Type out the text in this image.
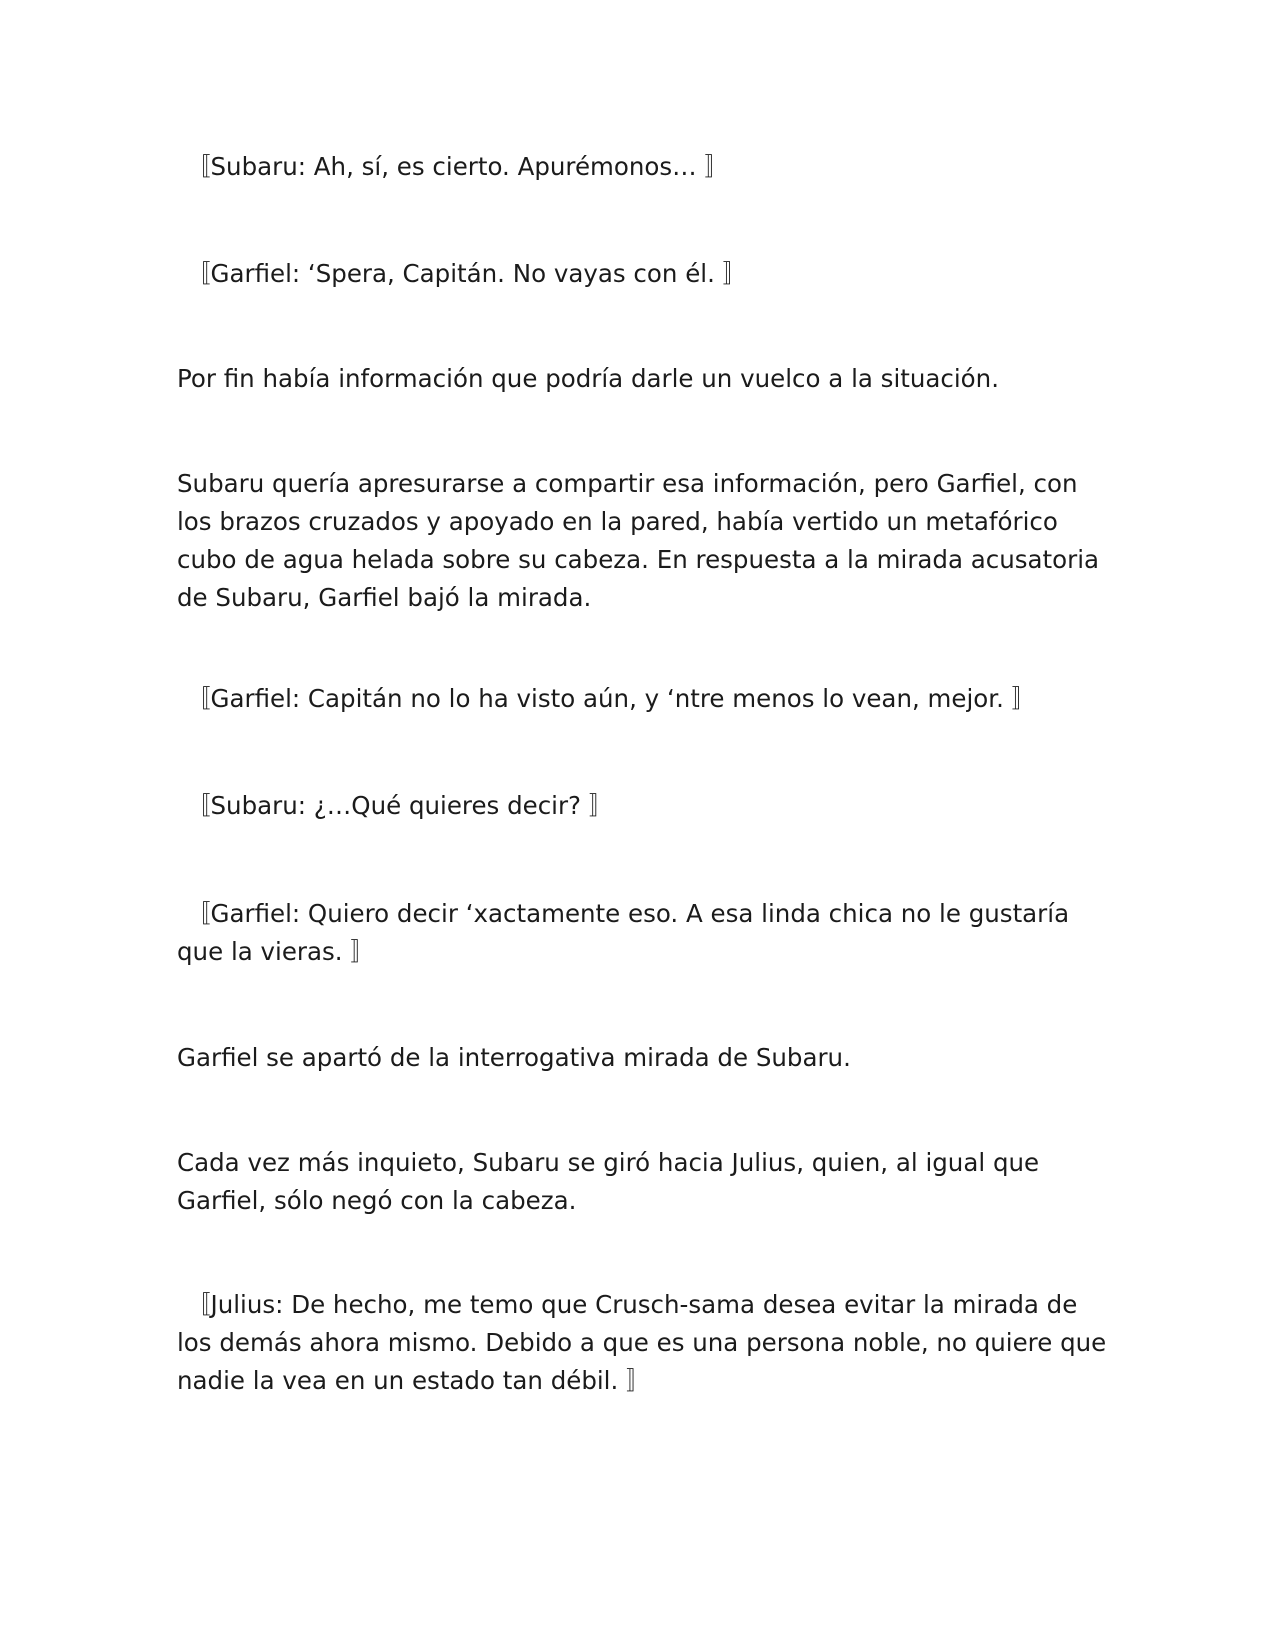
〚Subaru: Ah, sí, es cierto. Apurémonos… 〛

〚Garfiel: ‘Spera, Capitán. No vayas con él. 〛

Por fin había información que podría darle un vuelco a la situación.

Subaru quería apresurarse a compartir esa información, pero Garfiel, con los brazos cruzados y apoyado en la pared, había vertido un metafórico cubo de agua helada sobre su cabeza. En respuesta a la mirada acusatoria de Subaru, Garfiel bajó la mirada.

〚Garfiel: Capitán no lo ha visto aún, y ‘ntre menos lo vean, mejor. 〛

〚Subaru: ¿…Qué quieres decir? 〛

〚Garfiel: Quiero decir ‘xactamente eso. A esa linda chica no le gustaría que la vieras. 〛

Garfiel se apartó de la interrogativa mirada de Subaru.

Cada vez más inquieto, Subaru se giró hacia Julius, quien, al igual que Garfiel, sólo negó con la cabeza.

〚Julius: De hecho, me temo que Crusch-sama desea evitar la mirada de los demás ahora mismo. Debido a que es una persona noble, no quiere que nadie la vea en un estado tan débil. 〛
